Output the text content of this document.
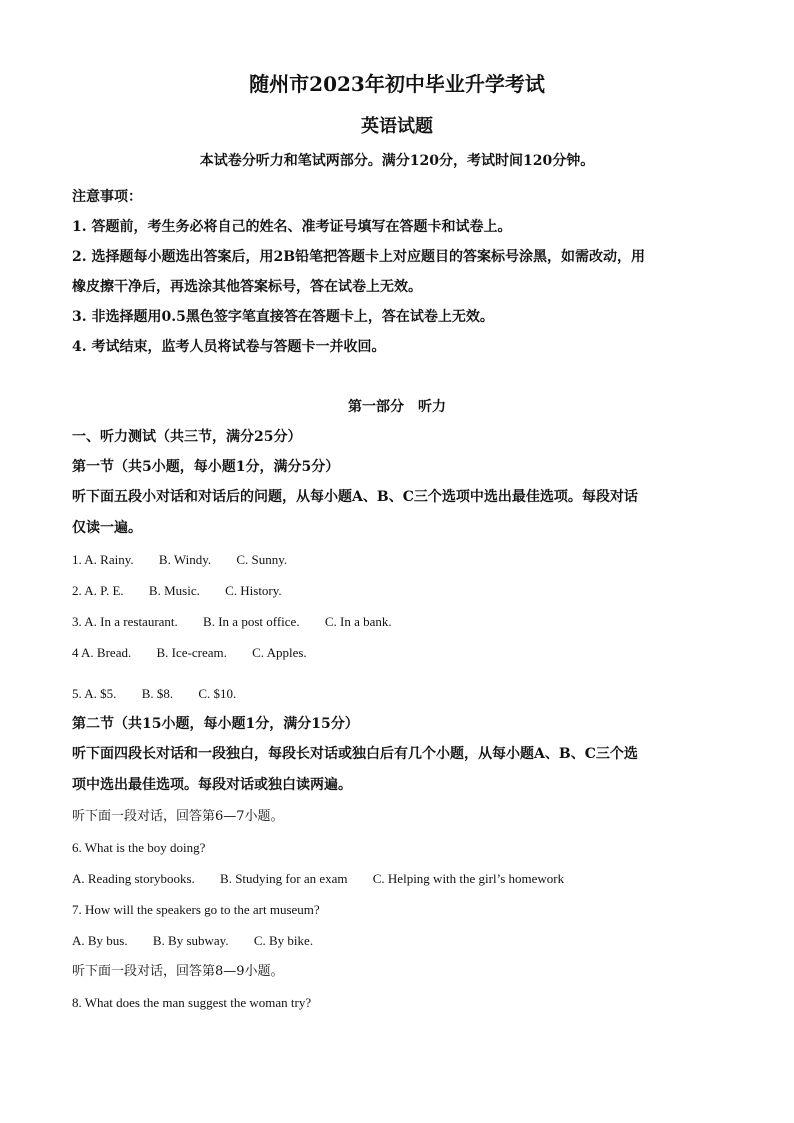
随州市2023年初中毕业升学考试
英语试题
本试卷分听力和笔试两部分。满分120分，考试时间120分钟。
注意事项：
1. 答题前，考生务必将自己的姓名、准考证号填写在答题卡和试卷上。
2. 选择题每小题选出答案后，用2B铅笔把答题卡上对应题目的答案标号涂黑，如需改动，用
橡皮擦干净后，再选涂其他答案标号，答在试卷上无效。
3. 非选择题用0.5黑色签字笔直接答在答题卡上，答在试卷上无效。
4. 考试结束，监考人员将试卷与答题卡一并收回。
第一部分　听力
一、听力测试（共三节，满分25分）
第一节（共5小题，每小题1分，满分5分）
听下面五段小对话和对话后的问题，从每小题A、B、C三个选项中选出最佳选项。每段对话
仅读一遍。
1. A. Rainy. B. Windy. C. Sunny.
2. A. P. E. B. Music. C. History.
3. A. In a restaurant. B. In a post office. C. In a bank.
4 A. Bread. B. Ice-cream. C. Apples.
5. A. $5. B. $8. C. $10.
第二节（共15小题，每小题1分，满分15分）
听下面四段长对话和一段独白，每段长对话或独白后有几个小题，从每小题A、B、C三个选
项中选出最佳选项。每段对话或独白读两遍。
听下面一段对话，回答第6—7小题。
6. What is the boy doing?
A. Reading storybooks. B. Studying for an exam C. Helping with the girl’s homework
7. How will the speakers go to the art museum?
A. By bus. B. By subway. C. By bike.
听下面一段对话，回答第8—9小题。
8. What does the man suggest the woman try?
